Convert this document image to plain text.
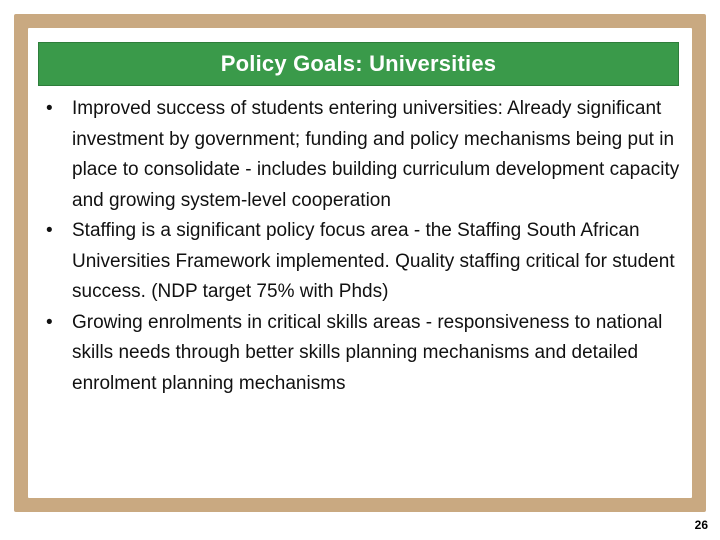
Policy Goals: Universities
• Improved success of students entering universities: Already significant investment by government; funding and policy mechanisms being put in place to consolidate - includes building curriculum development capacity and growing system-level cooperation
• Staffing is a significant policy focus area - the Staffing South African Universities Framework implemented. Quality staffing critical for student success. (NDP target 75% with Phds)
• Growing enrolments in critical skills areas - responsiveness to national skills needs through better skills planning mechanisms and detailed enrolment planning mechanisms
26
